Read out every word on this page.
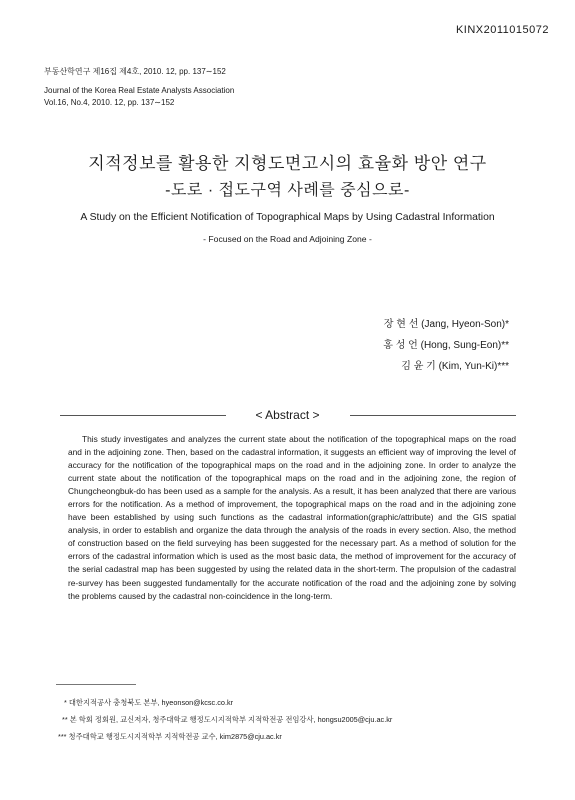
KINX2011015072
부동산학연구 제16집 제4호, 2010. 12, pp. 137∼152
Journal of the Korea Real Estate Analysts Association
Vol.16, No.4, 2010. 12, pp. 137∼152
지적정보를 활용한 지형도면고시의 효율화 방안 연구
-도로 · 접도구역 사례를 중심으로-
A Study on the Efficient Notification of Topographical Maps by Using Cadastral Information
- Focused on the Road and Adjoining Zone -
장 현 선 (Jang, Hyeon-Son)*
홍 성 언 (Hong, Sung-Eon)**
김 윤 기 (Kim, Yun-Ki)***
< Abstract >
This study investigates and analyzes the current state about the notification of the topographical maps on the road and in the adjoining zone. Then, based on the cadastral information, it suggests an efficient way of improving the level of accuracy for the notification of the topographical maps on the road and in the adjoining zone. In order to analyze the current state about the notification of the topographical maps on the road and in the adjoining zone, the region of Chungcheongbuk-do has been used as a sample for the analysis. As a result, it has been analyzed that there are various errors for the notification. As a method of improvement, the topographical maps on the road and in the adjoining zone have been established by using such functions as the cadastral information(graphic/attribute) and the GIS spatial analysis, in order to establish and organize the data through the analysis of the roads in every section. Also, the method of construction based on the field surveying has been suggested for the necessary part. As a method of solution for the errors of the cadastral information which is used as the most basic data, the method of improvement for the accuracy of the serial cadastral map has been suggested by using the related data in the short-term. The propulsion of the cadastral re-survey has been suggested fundamentally for the accurate notification of the road and the adjoining zone by solving the problems caused by the cadastral non-coincidence in the long-term.
* 대한지적공사 충청북도 본부, hyeonson@kcsc.co.kr
** 본 학회 정회원, 교신저자, 청주대학교 행정도시지적학부 지적학전공 전임강사, hongsu2005@cju.ac.kr
*** 청주대학교 행정도시지적학부 지적학전공 교수, kim2875@cju.ac.kr
